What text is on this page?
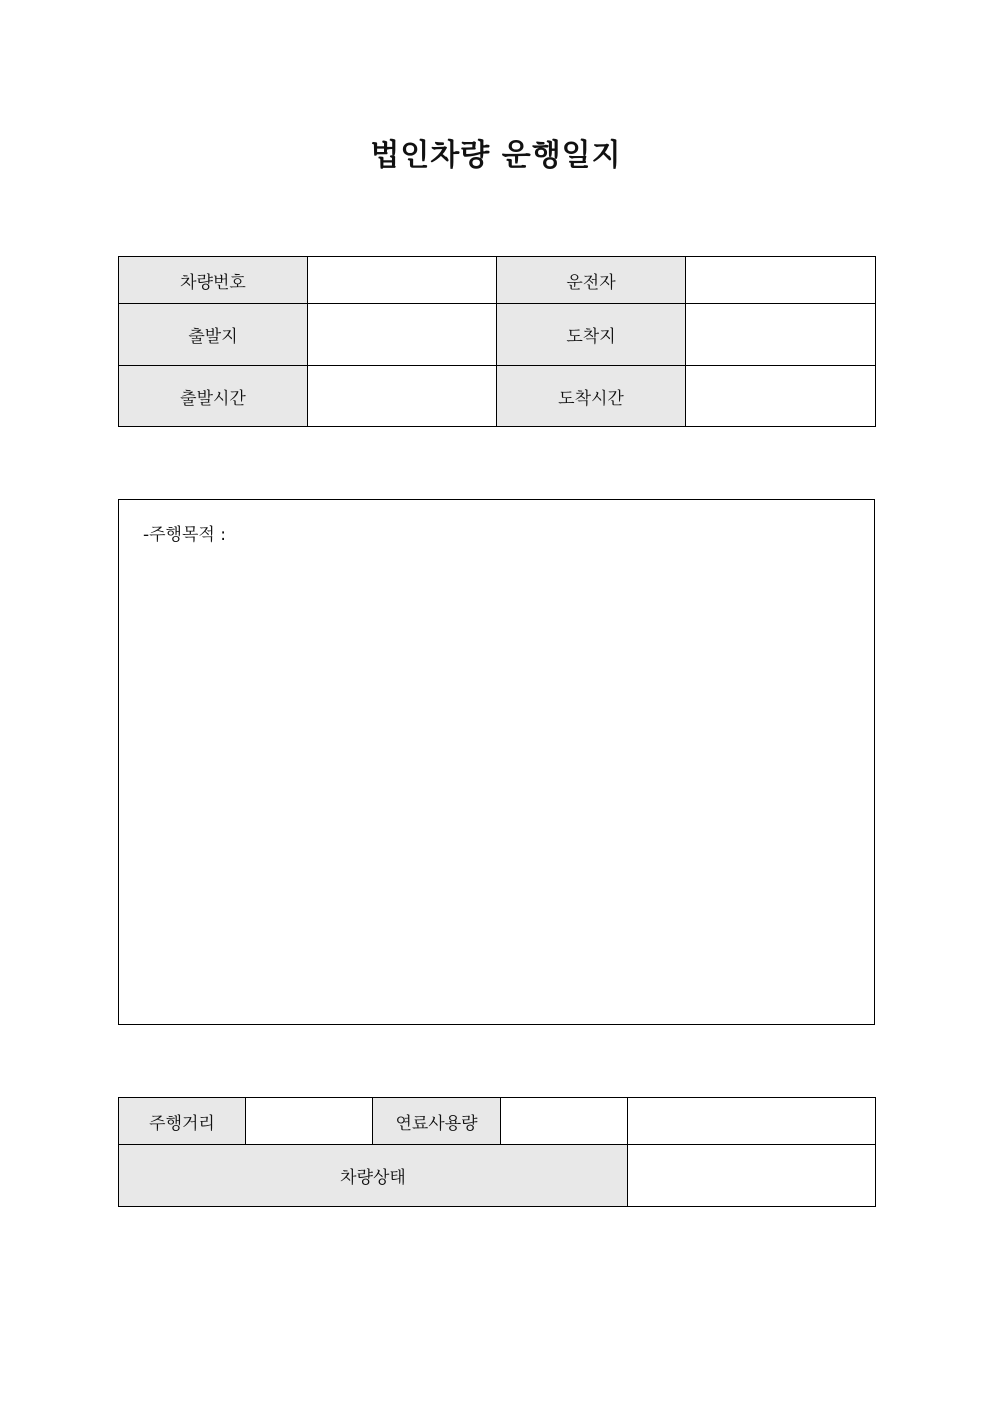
법인차량 운행일지
차량번호		운전자	
출발지		도착지	
출발시간		도착시간	
-주행목적 :
주행거리		연료사용량		
차량상태				
